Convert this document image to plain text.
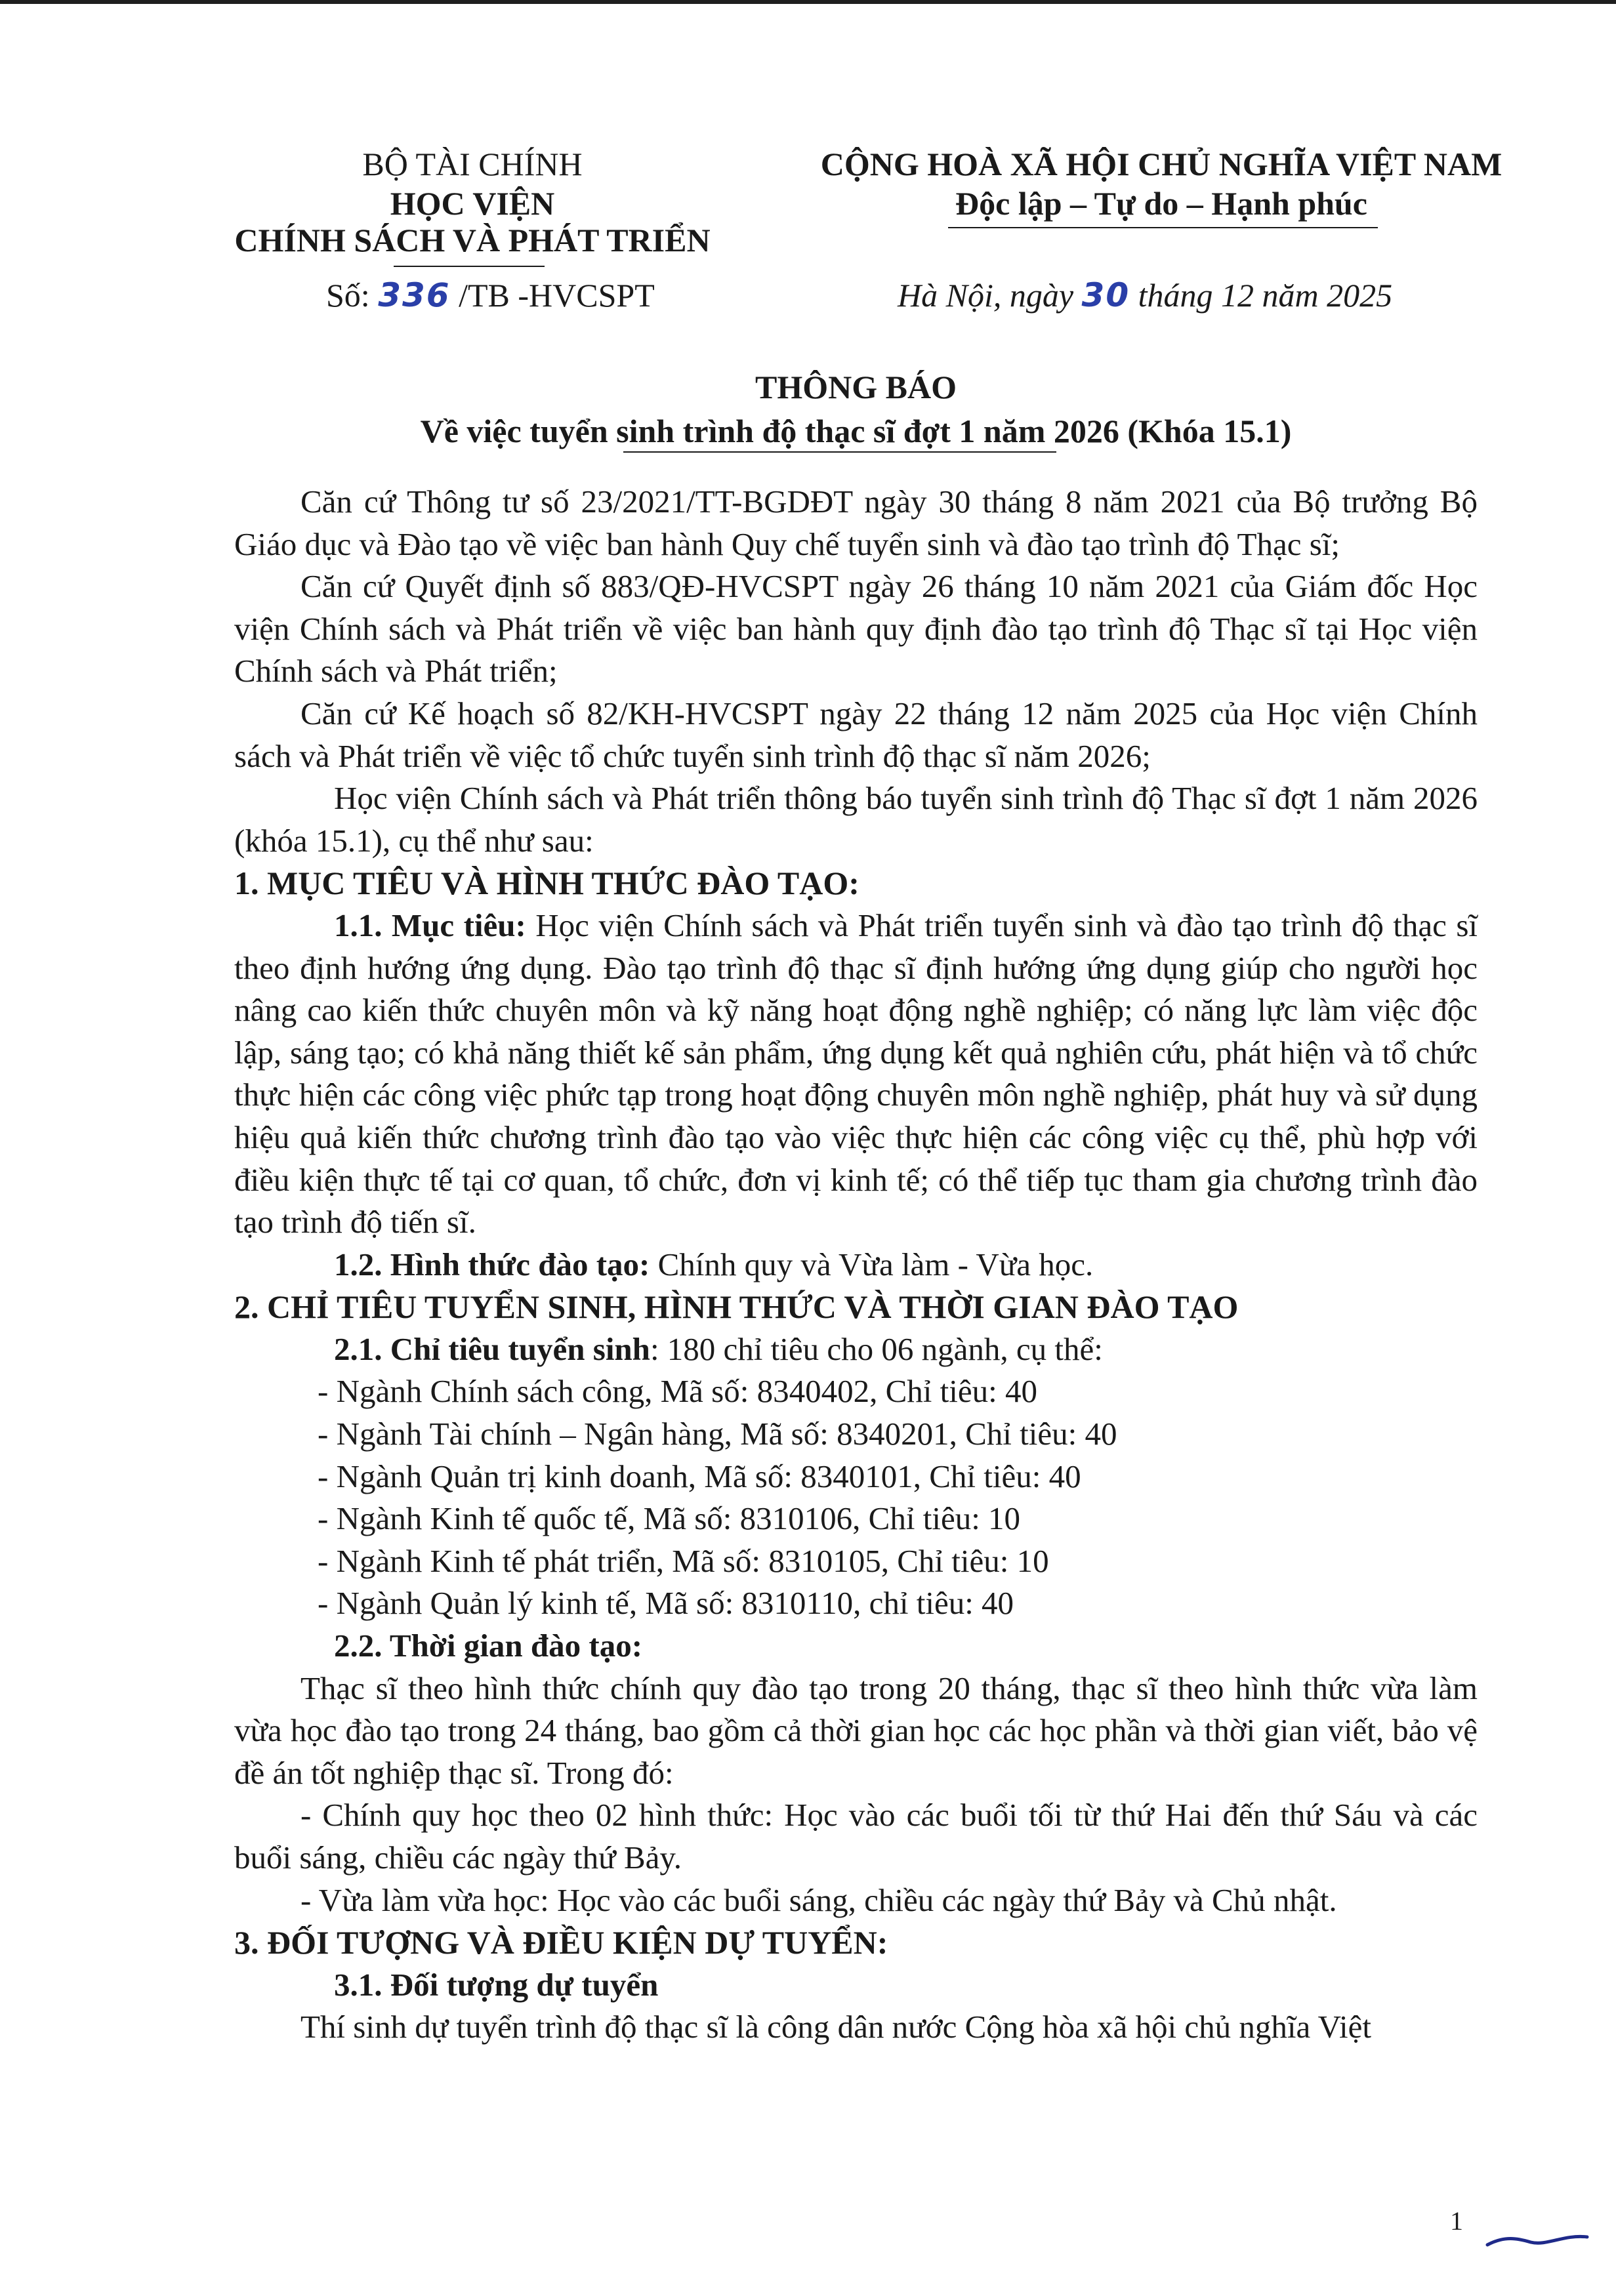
BỘ TÀI CHÍNH
HỌC VIỆN
CHÍNH SÁCH VÀ PHÁT TRIỂN
Số: 336 /TB -HVCSPT
CỘNG HOÀ XÃ HỘI CHỦ NGHĨA VIỆT NAM
Độc lập – Tự do – Hạnh phúc
Hà Nội, ngày 30 tháng 12 năm 2025
THÔNG BÁO
Về việc tuyển sinh trình độ thạc sĩ đợt 1 năm 2026 (Khóa 15.1)

Căn cứ Thông tư số 23/2021/TT-BGDĐT ngày 30 tháng 8 năm 2021 của Bộ trưởng Bộ Giáo dục và Đào tạo về việc ban hành Quy chế tuyển sinh và đào tạo trình độ Thạc sĩ;

Căn cứ Quyết định số 883/QĐ-HVCSPT ngày 26 tháng 10 năm 2021 của Giám đốc Học viện Chính sách và Phát triển về việc ban hành quy định đào tạo trình độ Thạc sĩ tại Học viện Chính sách và Phát triển;

Căn cứ Kế hoạch số 82/KH-HVCSPT ngày 22 tháng 12 năm 2025 của Học viện Chính sách và Phát triển về việc tổ chức tuyển sinh trình độ thạc sĩ năm 2026;

Học viện Chính sách và Phát triển thông báo tuyển sinh trình độ Thạc sĩ đợt 1 năm 2026 (khóa 15.1), cụ thể như sau:

1. MỤC TIÊU VÀ HÌNH THỨC ĐÀO TẠO:

1.1. Mục tiêu: Học viện Chính sách và Phát triển tuyển sinh và đào tạo trình độ thạc sĩ theo định hướng ứng dụng. Đào tạo trình độ thạc sĩ định hướng ứng dụng giúp cho người học nâng cao kiến thức chuyên môn và kỹ năng hoạt động nghề nghiệp; có năng lực làm việc độc lập, sáng tạo; có khả năng thiết kế sản phẩm, ứng dụng kết quả nghiên cứu, phát hiện và tổ chức thực hiện các công việc phức tạp trong hoạt động chuyên môn nghề nghiệp, phát huy và sử dụng hiệu quả kiến thức chương trình đào tạo vào việc thực hiện các công việc cụ thể, phù hợp với điều kiện thực tế tại cơ quan, tổ chức, đơn vị kinh tế; có thể tiếp tục tham gia chương trình đào tạo trình độ tiến sĩ.

1.2. Hình thức đào tạo: Chính quy và Vừa làm - Vừa học.

2. CHỈ TIÊU TUYỂN SINH, HÌNH THỨC VÀ THỜI GIAN ĐÀO TẠO

2.1. Chỉ tiêu tuyển sinh: 180 chỉ tiêu cho 06 ngành, cụ thể:

- Ngành Chính sách công, Mã số: 8340402, Chỉ tiêu: 40

- Ngành Tài chính – Ngân hàng, Mã số: 8340201, Chỉ tiêu: 40

- Ngành Quản trị kinh doanh, Mã số: 8340101, Chỉ tiêu: 40

- Ngành Kinh tế quốc tế, Mã số: 8310106, Chỉ tiêu: 10

- Ngành Kinh tế phát triển, Mã số: 8310105, Chỉ tiêu: 10

- Ngành Quản lý kinh tế, Mã số: 8310110, chỉ tiêu: 40

2.2. Thời gian đào tạo:

Thạc sĩ theo hình thức chính quy đào tạo trong 20 tháng, thạc sĩ theo hình thức vừa làm vừa học đào tạo trong 24 tháng, bao gồm cả thời gian học các học phần và thời gian viết, bảo vệ đề án tốt nghiệp thạc sĩ. Trong đó:

- Chính quy học theo 02 hình thức: Học vào các buổi tối từ thứ Hai đến thứ Sáu và các buổi sáng, chiều các ngày thứ Bảy.

- Vừa làm vừa học: Học vào các buổi sáng, chiều các ngày thứ Bảy và Chủ nhật.

3. ĐỐI TƯỢNG VÀ ĐIỀU KIỆN DỰ TUYỂN:

3.1. Đối tượng dự tuyển

Thí sinh dự tuyển trình độ thạc sĩ là công dân nước Cộng hòa xã hội chủ nghĩa Việt

1
